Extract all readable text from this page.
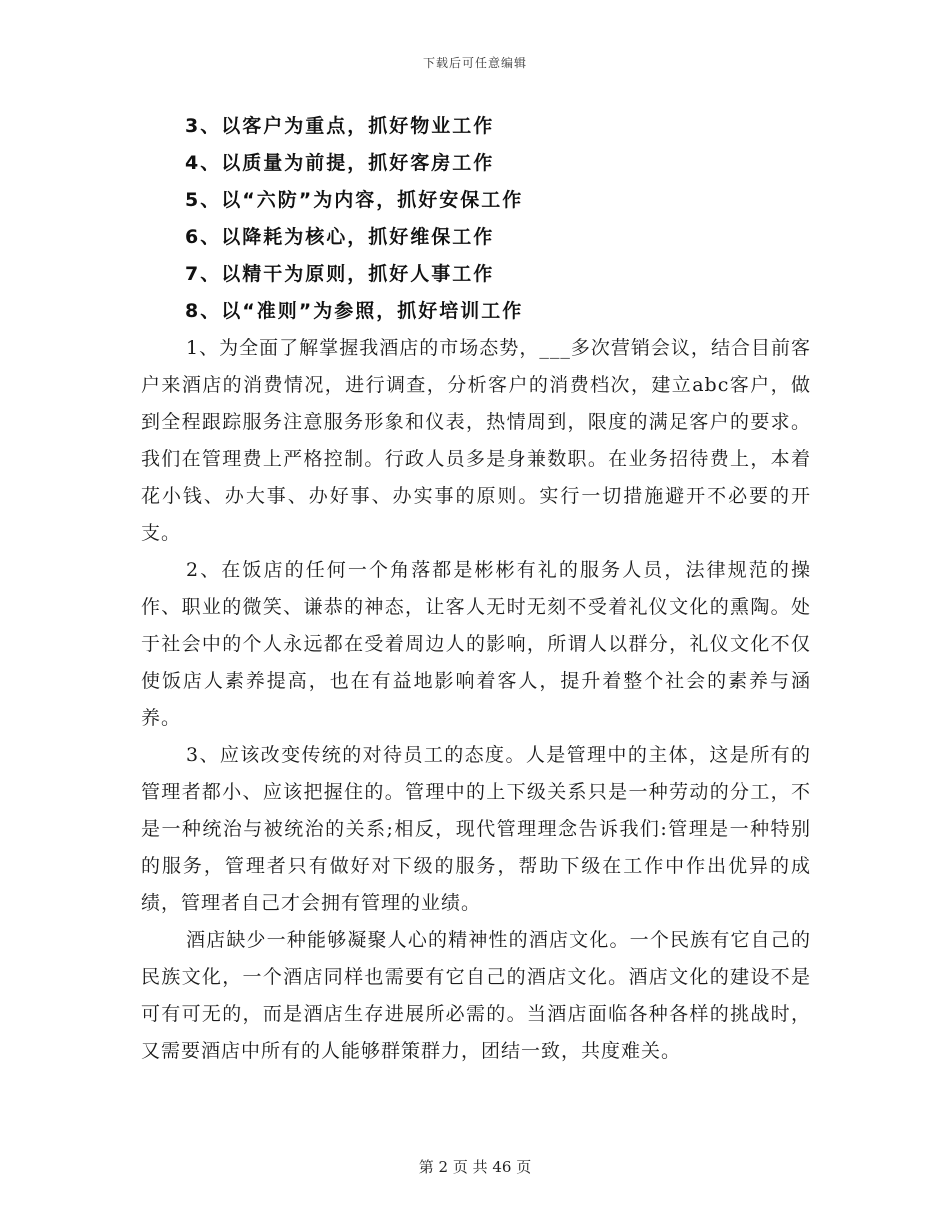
下载后可任意编辑
3、以客户为重点，抓好物业工作
4、以质量为前提，抓好客房工作
5、以“六防”为内容，抓好安保工作
6、以降耗为核心，抓好维保工作
7、以精干为原则，抓好人事工作
8、以“准则”为参照，抓好培训工作

1、为全面了解掌握我酒店的市场态势，___多次营销会议，结合目前客户来酒店的消费情况，进行调查，分析客户的消费档次，建立abc客户，做到全程跟踪服务注意服务形象和仪表，热情周到，限度的满足客户的要求。我们在管理费上严格控制。行政人员多是身兼数职。在业务招待费上，本着花小钱、办大事、办好事、办实事的原则。实行一切措施避开不必要的开支。

2、在饭店的任何一个角落都是彬彬有礼的服务人员，法律规范的操作、职业的微笑、谦恭的神态，让客人无时无刻不受着礼仪文化的熏陶。处于社会中的个人永远都在受着周边人的影响，所谓人以群分，礼仪文化不仅使饭店人素养提高，也在有益地影响着客人，提升着整个社会的素养与涵养。

3、应该改变传统的对待员工的态度。人是管理中的主体，这是所有的管理者都小、应该把握住的。管理中的上下级关系只是一种劳动的分工，不是一种统治与被统治的关系;相反，现代管理理念告诉我们:管理是一种特别的服务，管理者只有做好对下级的服务，帮助下级在工作中作出优异的成绩，管理者自己才会拥有管理的业绩。

酒店缺少一种能够凝聚人心的精神性的酒店文化。一个民族有它自己的民族文化，一个酒店同样也需要有它自己的酒店文化。酒店文化的建设不是可有可无的，而是酒店生存进展所必需的。当酒店面临各种各样的挑战时，又需要酒店中所有的人能够群策群力，团结一致，共度难关。

第 2 页 共 46 页
